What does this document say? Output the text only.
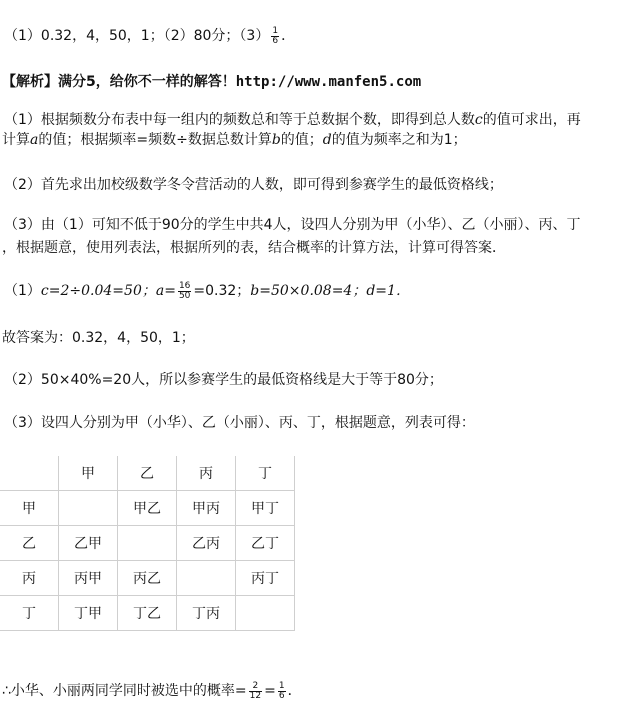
（1）0.32，4，50，1；（2）80分；$(3) \frac{1}{6}$ ．
【解析】满分5，给你不一样的解答！http://www.manfen5.com
（1）根据频数分布表中每一组内的频数总和等于总数据个数，即得到总人数c的值可求出，再
计算a的值；根据频率=频数÷数据总数计算b的值；d的值为频率之和为1；
（2）首先求出加校级数学冬令营活动的人数，即可得到参赛学生的最低资格线；
（3）由（1）可知不低于90分的学生中共4人，设四人分别为甲（小华）、乙（小丽）、丙、丁
，根据题意，使用列表法，根据所列的表，结合概率的计算方法，计算可得答案．
（1）c=2÷0.04=50；$a= \frac{16}{50} =0.32$；b=50×0.08=4；d=1．
故答案为：0.32，4，50，1；
（2）50×40%=20人，所以参赛学生的最低资格线是大于等于80分；
（3）设四人分别为甲（小华）、乙（小丽）、丙、丁，根据题意，列表可得：
	甲	乙	丙	丁
甲		甲乙	甲丙	甲丁
乙	乙甲		乙丙	乙丁
丙	丙甲	丙乙		丙丁
丁	丁甲	丁乙	丁丙	
∴小华、小丽两同学同时被选中的概率= $\frac{2}{12} = \frac{1}{6}$ ．
